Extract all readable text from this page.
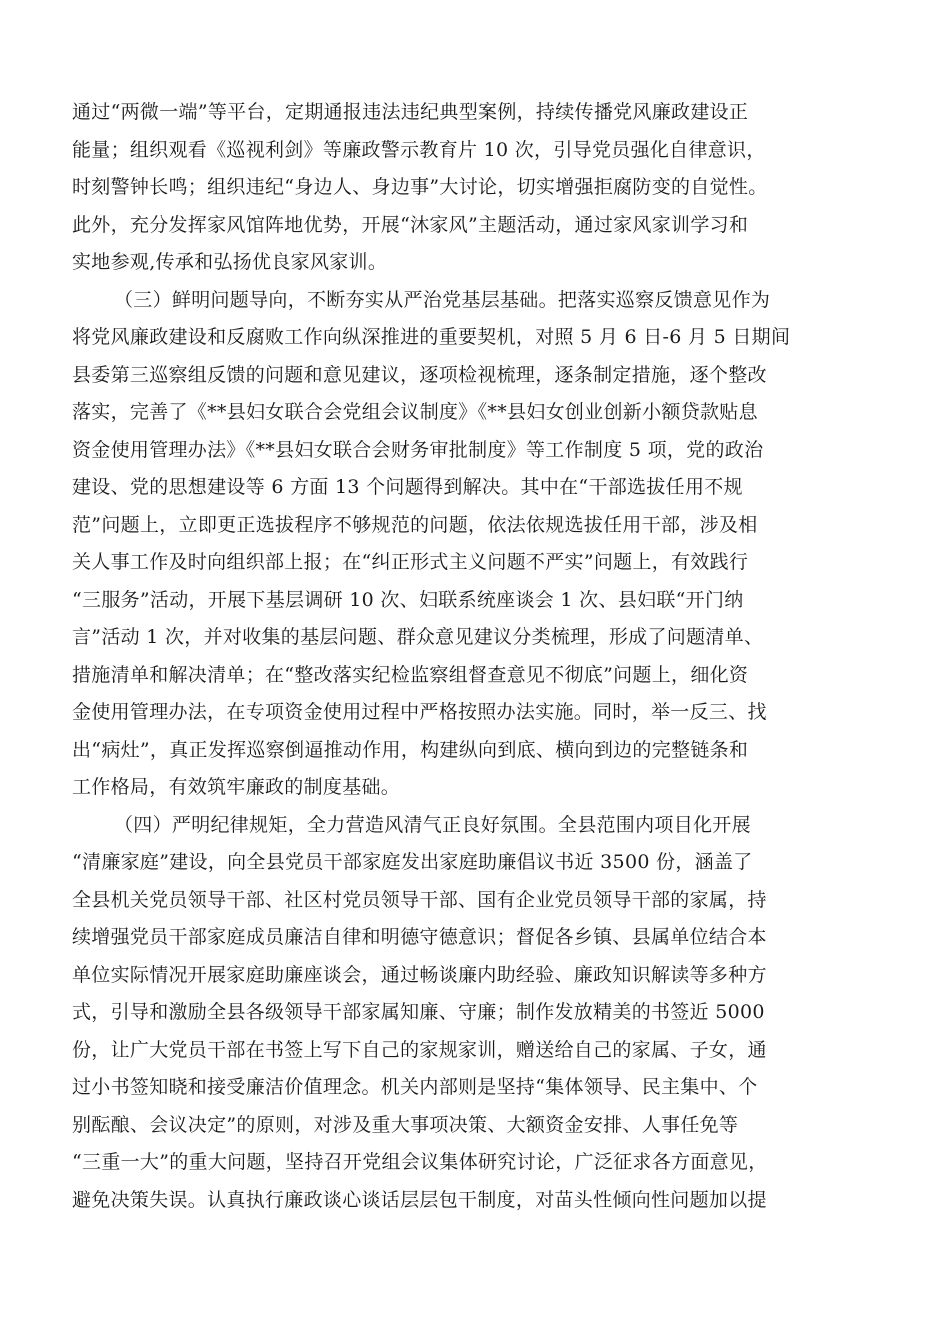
通过“两微一端”等平台，定期通报违法违纪典型案例，持续传播党风廉政建设正
能量；组织观看《巡视利剑》等廉政警示教育片 10 次，引导党员强化自律意识，
时刻警钟长鸣；组织违纪“身边人、身边事”大讨论，切实增强拒腐防变的自觉性。
此外，充分发挥家风馆阵地优势，开展“沐家风”主题活动，通过家风家训学习和
实地参观,传承和弘扬优良家风家训。
（三）鲜明问题导向，不断夯实从严治党基层基础。把落实巡察反馈意见作为
将党风廉政建设和反腐败工作向纵深推进的重要契机，对照 5 月 6 日-6 月 5 日期间
县委第三巡察组反馈的问题和意见建议，逐项检视梳理，逐条制定措施，逐个整改
落实，完善了《**县妇女联合会党组会议制度》《**县妇女创业创新小额贷款贴息
资金使用管理办法》《**县妇女联合会财务审批制度》等工作制度 5 项，党的政治
建设、党的思想建设等 6 方面 13 个问题得到解决。其中在“干部选拔任用不规
范”问题上，立即更正选拔程序不够规范的问题，依法依规选拔任用干部，涉及相
关人事工作及时向组织部上报；在“纠正形式主义问题不严实”问题上，有效践行
“三服务”活动，开展下基层调研 10 次、妇联系统座谈会 1 次、县妇联“开门纳
言”活动 1 次，并对收集的基层问题、群众意见建议分类梳理，形成了问题清单、
措施清单和解决清单；在“整改落实纪检监察组督查意见不彻底”问题上，细化资
金使用管理办法，在专项资金使用过程中严格按照办法实施。同时，举一反三、找
出“病灶”，真正发挥巡察倒逼推动作用，构建纵向到底、横向到边的完整链条和
工作格局，有效筑牢廉政的制度基础。
（四）严明纪律规矩，全力营造风清气正良好氛围。全县范围内项目化开展
“清廉家庭”建设，向全县党员干部家庭发出家庭助廉倡议书近 3500 份，涵盖了
全县机关党员领导干部、社区村党员领导干部、国有企业党员领导干部的家属，持
续增强党员干部家庭成员廉洁自律和明德守德意识；督促各乡镇、县属单位结合本
单位实际情况开展家庭助廉座谈会，通过畅谈廉内助经验、廉政知识解读等多种方
式，引导和激励全县各级领导干部家属知廉、守廉；制作发放精美的书签近 5000
份，让广大党员干部在书签上写下自己的家规家训，赠送给自己的家属、子女，通
过小书签知晓和接受廉洁价值理念。机关内部则是坚持“集体领导、民主集中、个
别酝酿、会议决定”的原则，对涉及重大事项决策、大额资金安排、人事任免等
“三重一大”的重大问题，坚持召开党组会议集体研究讨论，广泛征求各方面意见，
避免决策失误。认真执行廉政谈心谈话层层包干制度，对苗头性倾向性问题加以提
